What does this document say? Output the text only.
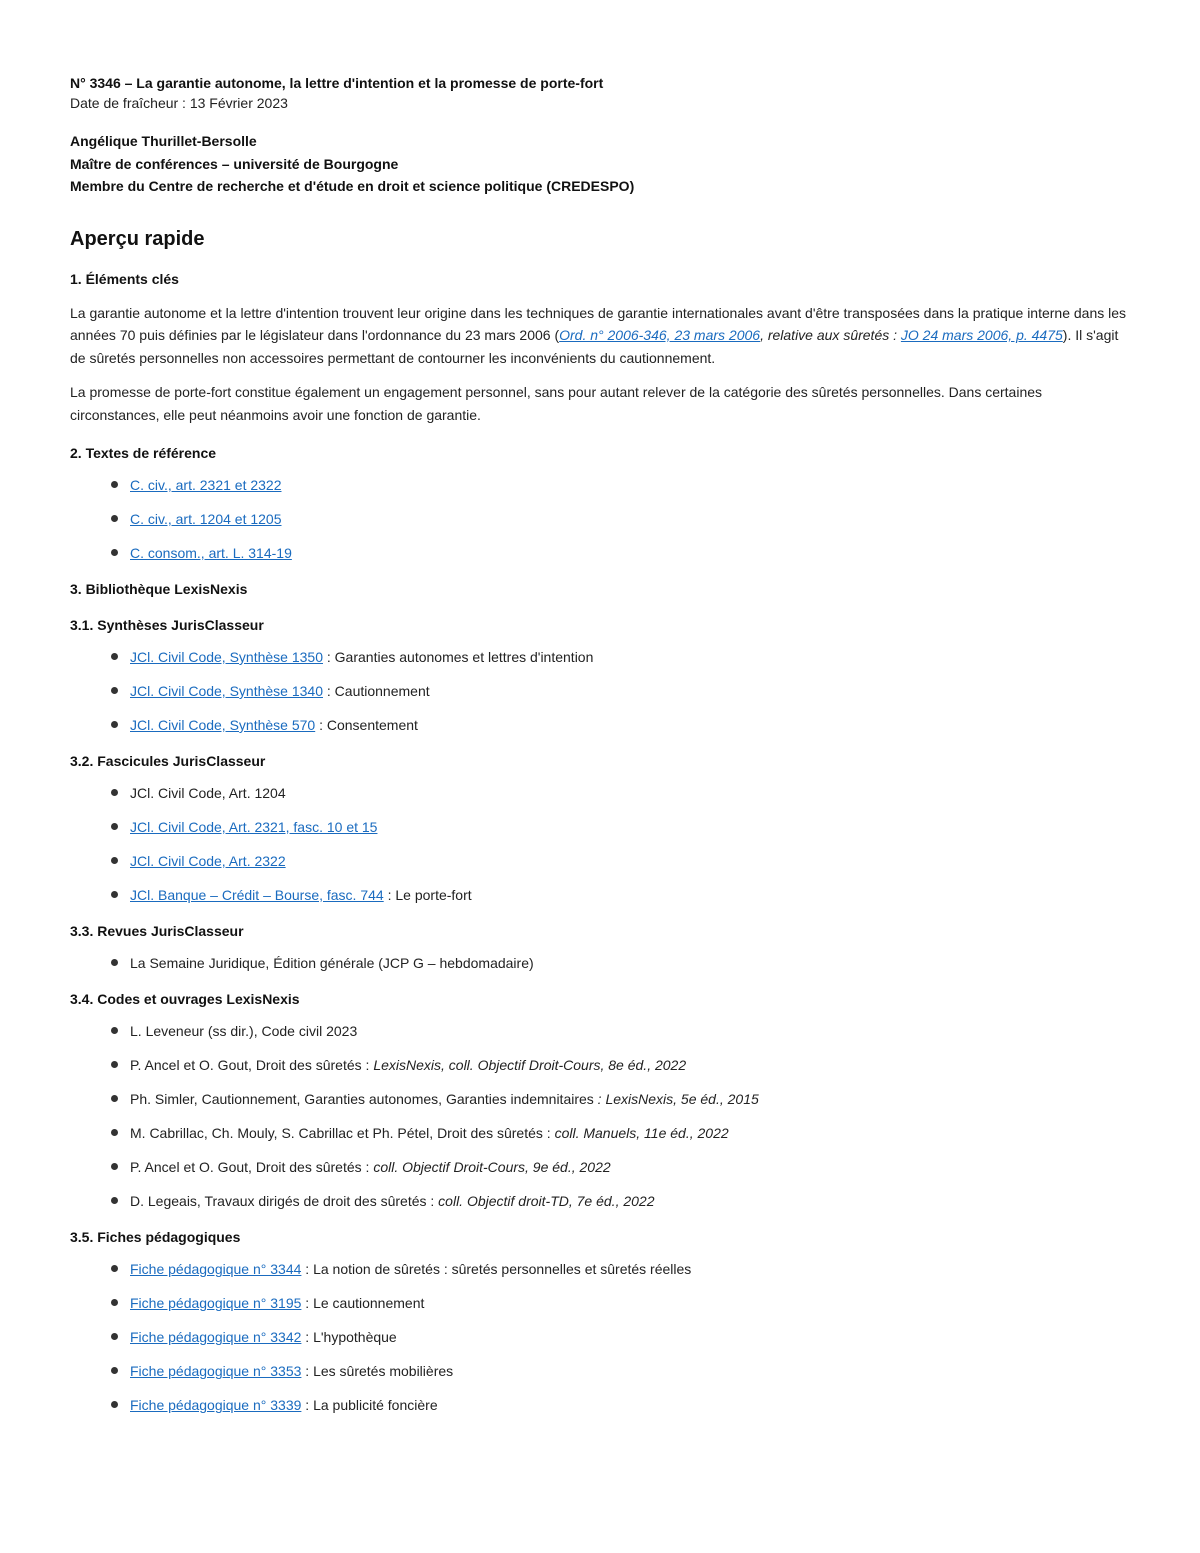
N° 3346 – La garantie autonome, la lettre d'intention et la promesse de porte-fort
Date de fraîcheur : 13 Février 2023
Angélique Thurillet-Bersolle
Maître de conférences – université de Bourgogne
Membre du Centre de recherche et d'étude en droit et science politique (CREDESPO)
Aperçu rapide
1. Éléments clés

La garantie autonome et la lettre d'intention trouvent leur origine dans les techniques de garantie internationales avant d'être transposées dans la pratique interne dans les années 70 puis définies par le législateur dans l'ordonnance du 23 mars 2006 (Ord. n° 2006-346, 23 mars 2006, relative aux sûretés : JO 24 mars 2006, p. 4475). Il s'agit de sûretés personnelles non accessoires permettant de contourner les inconvénients du cautionnement.

La promesse de porte-fort constitue également un engagement personnel, sans pour autant relever de la catégorie des sûretés personnelles. Dans certaines circonstances, elle peut néanmoins avoir une fonction de garantie.

2. Textes de référence
C. civ., art. 2321 et 2322
C. civ., art. 1204 et 1205
C. consom., art. L. 314-19
3. Bibliothèque LexisNexis
3.1. Synthèses JurisClasseur
JCl. Civil Code, Synthèse 1350 : Garanties autonomes et lettres d'intention
JCl. Civil Code, Synthèse 1340 : Cautionnement
JCl. Civil Code, Synthèse 570 : Consentement
3.2. Fascicules JurisClasseur
JCl. Civil Code, Art. 1204
JCl. Civil Code, Art. 2321, fasc. 10 et 15
JCl. Civil Code, Art. 2322
JCl. Banque – Crédit – Bourse, fasc. 744 : Le porte-fort
3.3. Revues JurisClasseur
La Semaine Juridique, Édition générale (JCP G – hebdomadaire)
3.4. Codes et ouvrages LexisNexis
L. Leveneur (ss dir.), Code civil 2023
P. Ancel et O. Gout, Droit des sûretés : LexisNexis, coll. Objectif Droit-Cours, 8e éd., 2022
Ph. Simler, Cautionnement, Garanties autonomes, Garanties indemnitaires : LexisNexis, 5e éd., 2015
M. Cabrillac, Ch. Mouly, S. Cabrillac et Ph. Pétel, Droit des sûretés : coll. Manuels, 11e éd., 2022
P. Ancel et O. Gout, Droit des sûretés : coll. Objectif Droit-Cours, 9e éd., 2022
D. Legeais, Travaux dirigés de droit des sûretés : coll. Objectif droit-TD, 7e éd., 2022
3.5. Fiches pédagogiques
Fiche pédagogique n° 3344 : La notion de sûretés : sûretés personnelles et sûretés réelles
Fiche pédagogique n° 3195 : Le cautionnement
Fiche pédagogique n° 3342 : L'hypothèque
Fiche pédagogique n° 3353 : Les sûretés mobilières
Fiche pédagogique n° 3339 : La publicité foncière
